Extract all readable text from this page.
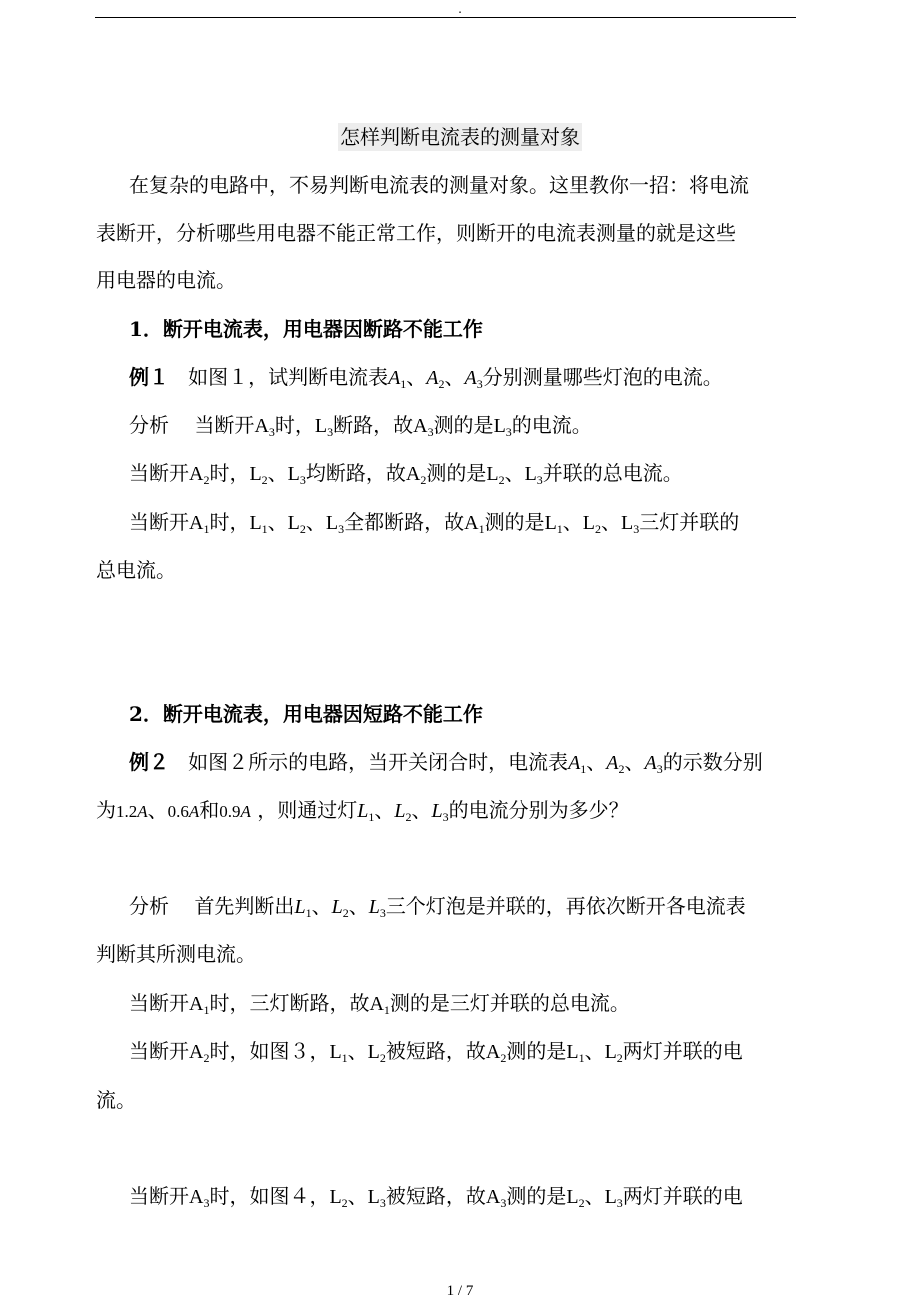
.
怎样判断电流表的测量对象
在复杂的电路中，不易判断电流表的测量对象。这里教你一招：将电流
表断开，分析哪些用电器不能正常工作，则断开的电流表测量的就是这些
用电器的电流。
1．断开电流表，用电器因断路不能工作
例１ 如图１，试判断电流表$A_1$、$A_2$、$A_3$分别测量哪些灯泡的电流。
分析 当断开$A_3$时，$L_3$断路，故$A_3$测的是$L_3$的电流。
当断开$A_2$时，$L_2$、$L_3$均断路，故$A_2$测的是$L_2$、$L_3$并联的总电流。
当断开$A_1$时，$L_1$、$L_2$、$L_3$全都断路，故$A_1$测的是$L_1$、$L_2$、$L_3$三灯并联的
总电流。
2．断开电流表，用电器因短路不能工作
例２ 如图２所示的电路，当开关闭合时，电流表$A_1$、$A_2$、$A_3$的示数分别
为1.2A、0.6A和0.9A ，则通过灯$L_1$、$L_2$、$L_3$的电流分别为多少？
分析 首先判断出$L_1$、$L_2$、$L_3$三个灯泡是并联的，再依次断开各电流表
判断其所测电流。
当断开$A_1$时，三灯断路，故$A_1$测的是三灯并联的总电流。
当断开$A_2$时，如图３，$L_1$、$L_2$被短路，故$A_2$测的是$L_1$、$L_2$两灯并联的电
流。
当断开$A_3$时，如图４，$L_2$、$L_3$被短路，故$A_3$测的是$L_2$、$L_3$两灯并联的电
1 / 7
